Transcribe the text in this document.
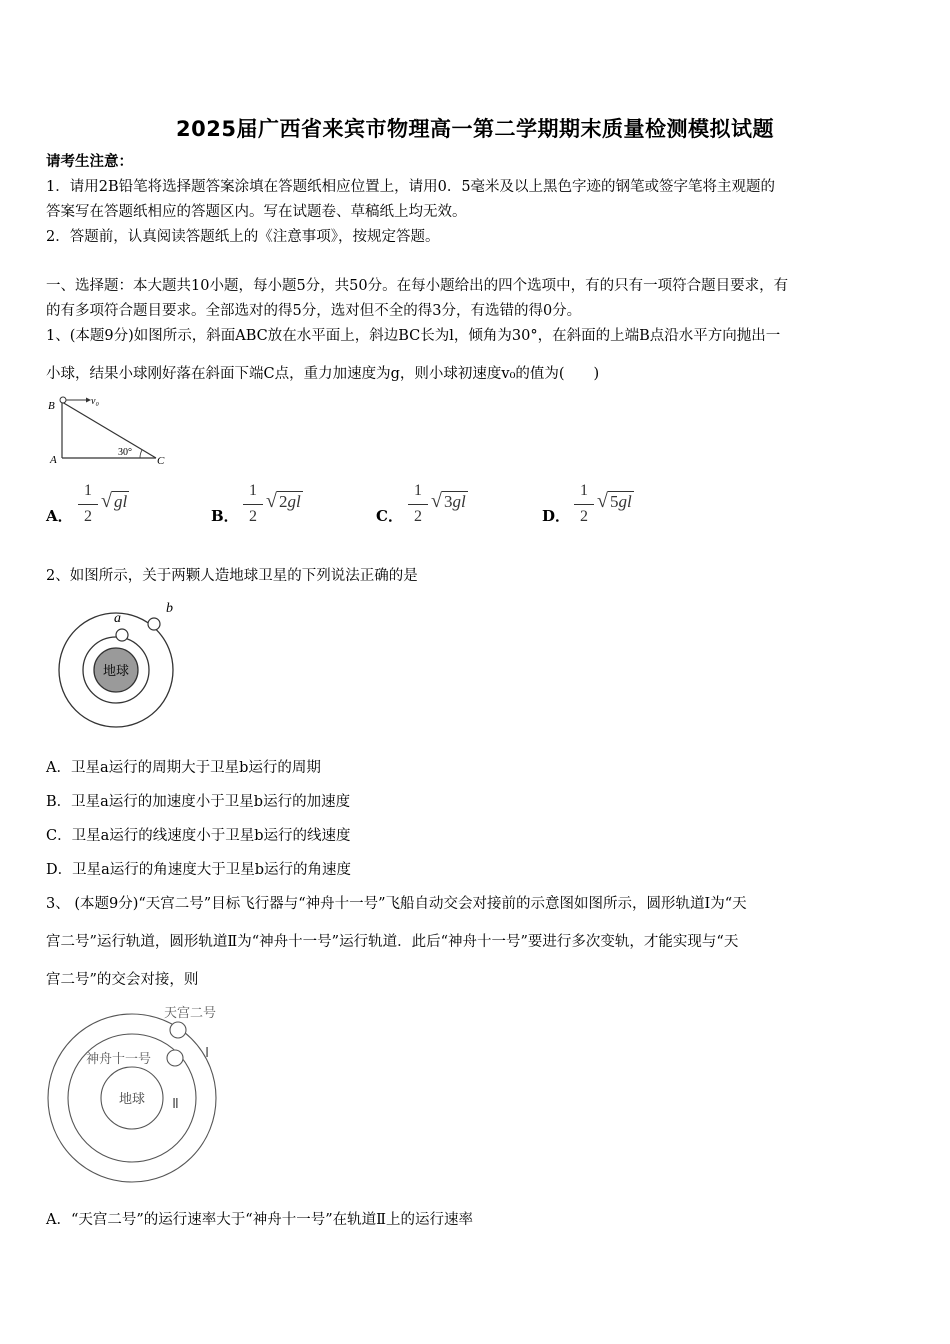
2025届广西省来宾市物理高一第二学期期末质量检测模拟试题
请考生注意：
1．请用2B铅笔将选择题答案涂填在答题纸相应位置上，请用0．5毫米及以上黑色字迹的钢笔或签字笔将主观题的
答案写在答题纸相应的答题区内。写在试题卷、草稿纸上均无效。
2．答题前，认真阅读答题纸上的《注意事项》，按规定答题。
一、选择题：本大题共10小题，每小题5分，共50分。在每小题给出的四个选项中，有的只有一项符合题目要求，有
的有多项符合题目要求。全部选对的得5分，选对但不全的得3分，有选错的得0分。
1、(本题9分)如图所示，斜面ABC放在水平面上，斜边BC长为l，倾角为30°，在斜面的上端B点沿水平方向抛出一
小球，结果小球刚好落在斜面下端C点，重力加速度为g，则小球初速度v₀的值为(　　)
B
A	C
v₀
30°
A．
1
2
√ gl
B．
1
2
√ 2gl
C．
1
2
√ 3gl
D．
1
2
√ 5gl
2、如图所示，关于两颗人造地球卫星的下列说法正确的是
地球
a
b
A．卫星a运行的周期大于卫星b运行的周期
B．卫星a运行的加速度小于卫星b运行的加速度
C．卫星a运行的线速度小于卫星b运行的线速度
D．卫星a运行的角速度大于卫星b运行的角速度
3、 (本题9分)“天宫二号”目标飞行器与“神舟十一号”飞船自动交会对接前的示意图如图所示，圆形轨道Ⅰ为“天
宫二号”运行轨道，圆形轨道Ⅱ为“神舟十一号”运行轨道．此后“神舟十一号”要进行多次变轨，才能实现与“天
宫二号”的交会对接，则
地球
天宫二号
神舟十一号	Ⅰ
Ⅱ
A．“天宫二号”的运行速率大于“神舟十一号”在轨道Ⅱ上的运行速率
